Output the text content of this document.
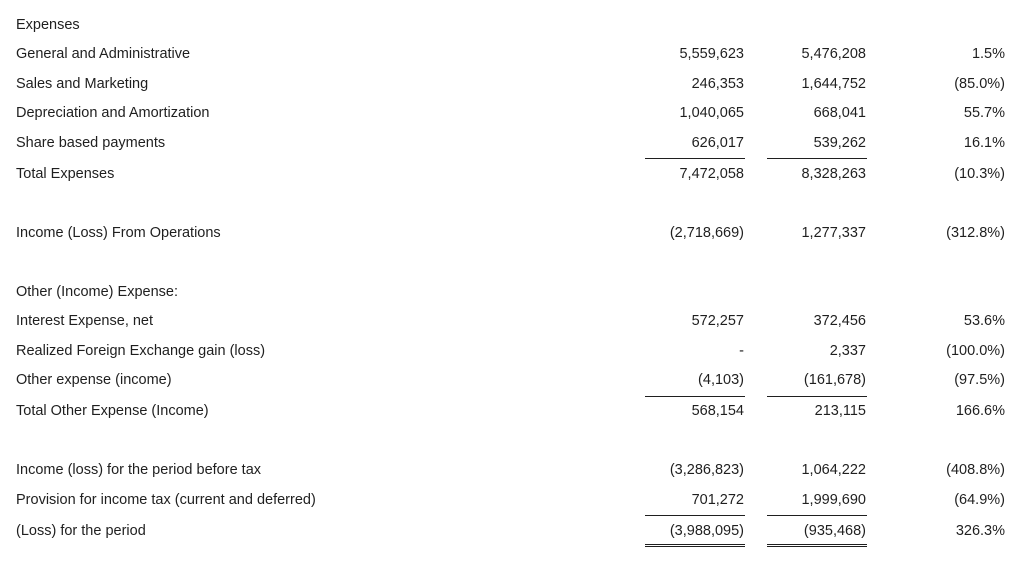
Expenses
General and Administrative	5,559,623	5,476,208	1.5%
Sales and Marketing	246,353	1,644,752	(85.0%)
Depreciation and Amortization	1,040,065	668,041	55.7%
Share based payments	626,017	539,262	16.1%
Total Expenses	7,472,058	8,328,263	(10.3%)
Income (Loss) From Operations	(2,718,669)	1,277,337	(312.8%)
Other (Income) Expense:
Interest Expense, net	572,257	372,456	53.6%
Realized Foreign Exchange gain (loss)	-	2,337	(100.0%)
Other expense (income)	(4,103)	(161,678)	(97.5%)
Total Other Expense (Income)	568,154	213,115	166.6%
Income (loss) for the period before tax	(3,286,823)	1,064,222	(408.8%)
Provision for income tax (current and deferred)	701,272	1,999,690	(64.9%)
(Loss) for the period	(3,988,095)	(935,468)	326.3%
